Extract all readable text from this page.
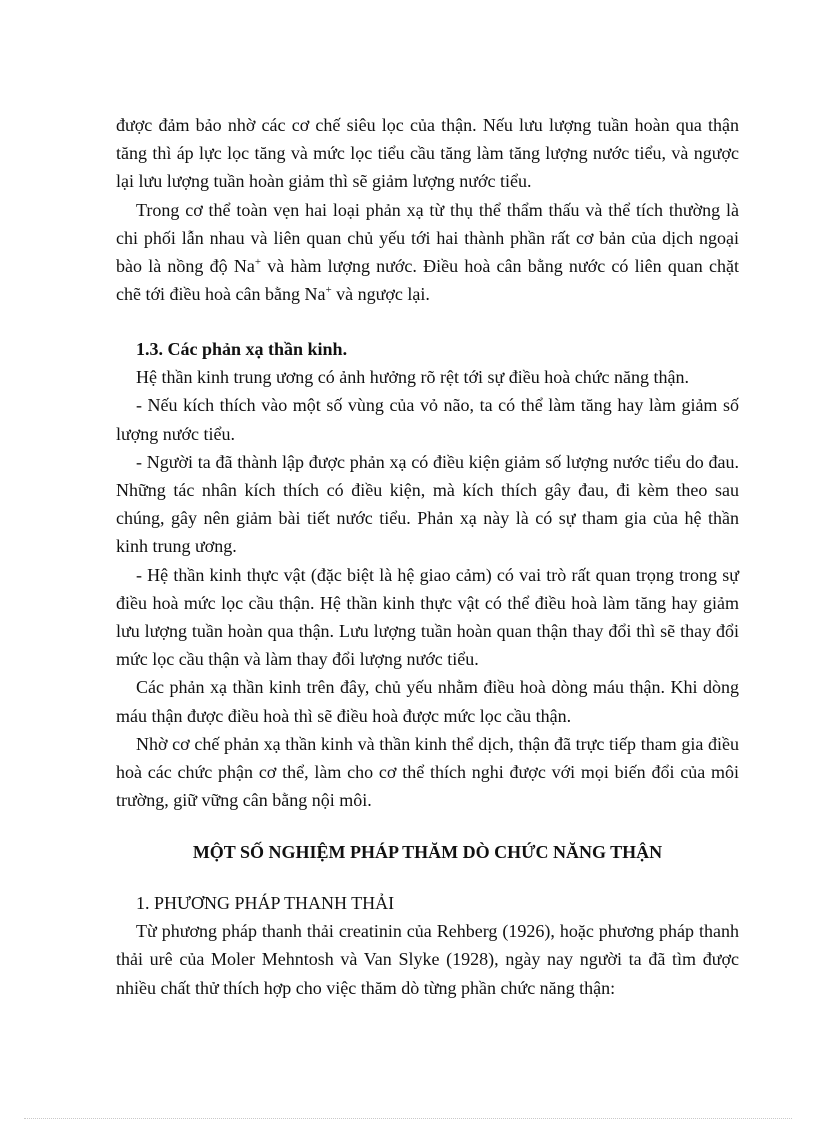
được đảm bảo nhờ các cơ chế siêu lọc của thận. Nếu lưu lượng tuần hoàn qua thận tăng thì áp lực lọc tăng và mức lọc tiểu cầu tăng làm tăng lượng nước tiểu, và ngược lại lưu lượng tuần hoàn giảm thì sẽ giảm lượng nước tiểu.

Trong cơ thể toàn vẹn hai loại phản xạ từ thụ thể thẩm thấu và thể tích thường là chi phối lẫn nhau và liên quan chủ yếu tới hai thành phần rất cơ bản của dịch ngoại bào là nồng độ Na+ và hàm lượng nước. Điều hoà cân bằng nước có liên quan chặt chẽ tới điều hoà cân bằng Na+ và ngược lại.

1.3. Các phản xạ thần kinh.

Hệ thần kinh trung ương có ảnh hưởng rõ rệt tới sự điều hoà chức năng thận.

- Nếu kích thích vào một số vùng của vỏ não, ta có thể làm tăng hay làm giảm số lượng nước tiểu.

- Người ta đã thành lập được phản xạ có điều kiện giảm số lượng nước tiểu do đau. Những tác nhân kích thích có điều kiện, mà kích thích gây đau, đi kèm theo sau chúng, gây nên giảm bài tiết nước tiểu. Phản xạ này là có sự tham gia của hệ thần kinh trung ương.

- Hệ thần kinh thực vật (đặc biệt là hệ giao cảm) có vai trò rất quan trọng trong sự điều hoà mức lọc cầu thận. Hệ thần kinh thực vật có thể điều hoà làm tăng hay giảm lưu lượng tuần hoàn qua thận. Lưu lượng tuần hoàn quan thận thay đổi thì sẽ thay đổi mức lọc cầu thận và làm thay đổi lượng nước tiểu.

Các phản xạ thần kinh trên đây, chủ yếu nhằm điều hoà dòng máu thận. Khi dòng máu thận được điều hoà thì sẽ điều hoà được mức lọc cầu thận.

Nhờ cơ chế phản xạ thần kinh và thần kinh thể dịch, thận đã trực tiếp tham gia điều hoà các chức phận cơ thể, làm cho cơ thể thích nghi được với mọi biến đổi của môi trường, giữ vững cân bằng nội môi.

MỘT SỐ NGHIỆM PHÁP THĂM DÒ CHỨC NĂNG THẬN

1. PHƯƠNG PHÁP THANH THẢI

Từ phương pháp thanh thải creatinin của Rehberg (1926), hoặc phương pháp thanh thải urê của Moler Mehntosh và Van Slyke (1928), ngày nay người ta đã tìm được nhiều chất thử thích hợp cho việc thăm dò từng phần chức năng thận:
